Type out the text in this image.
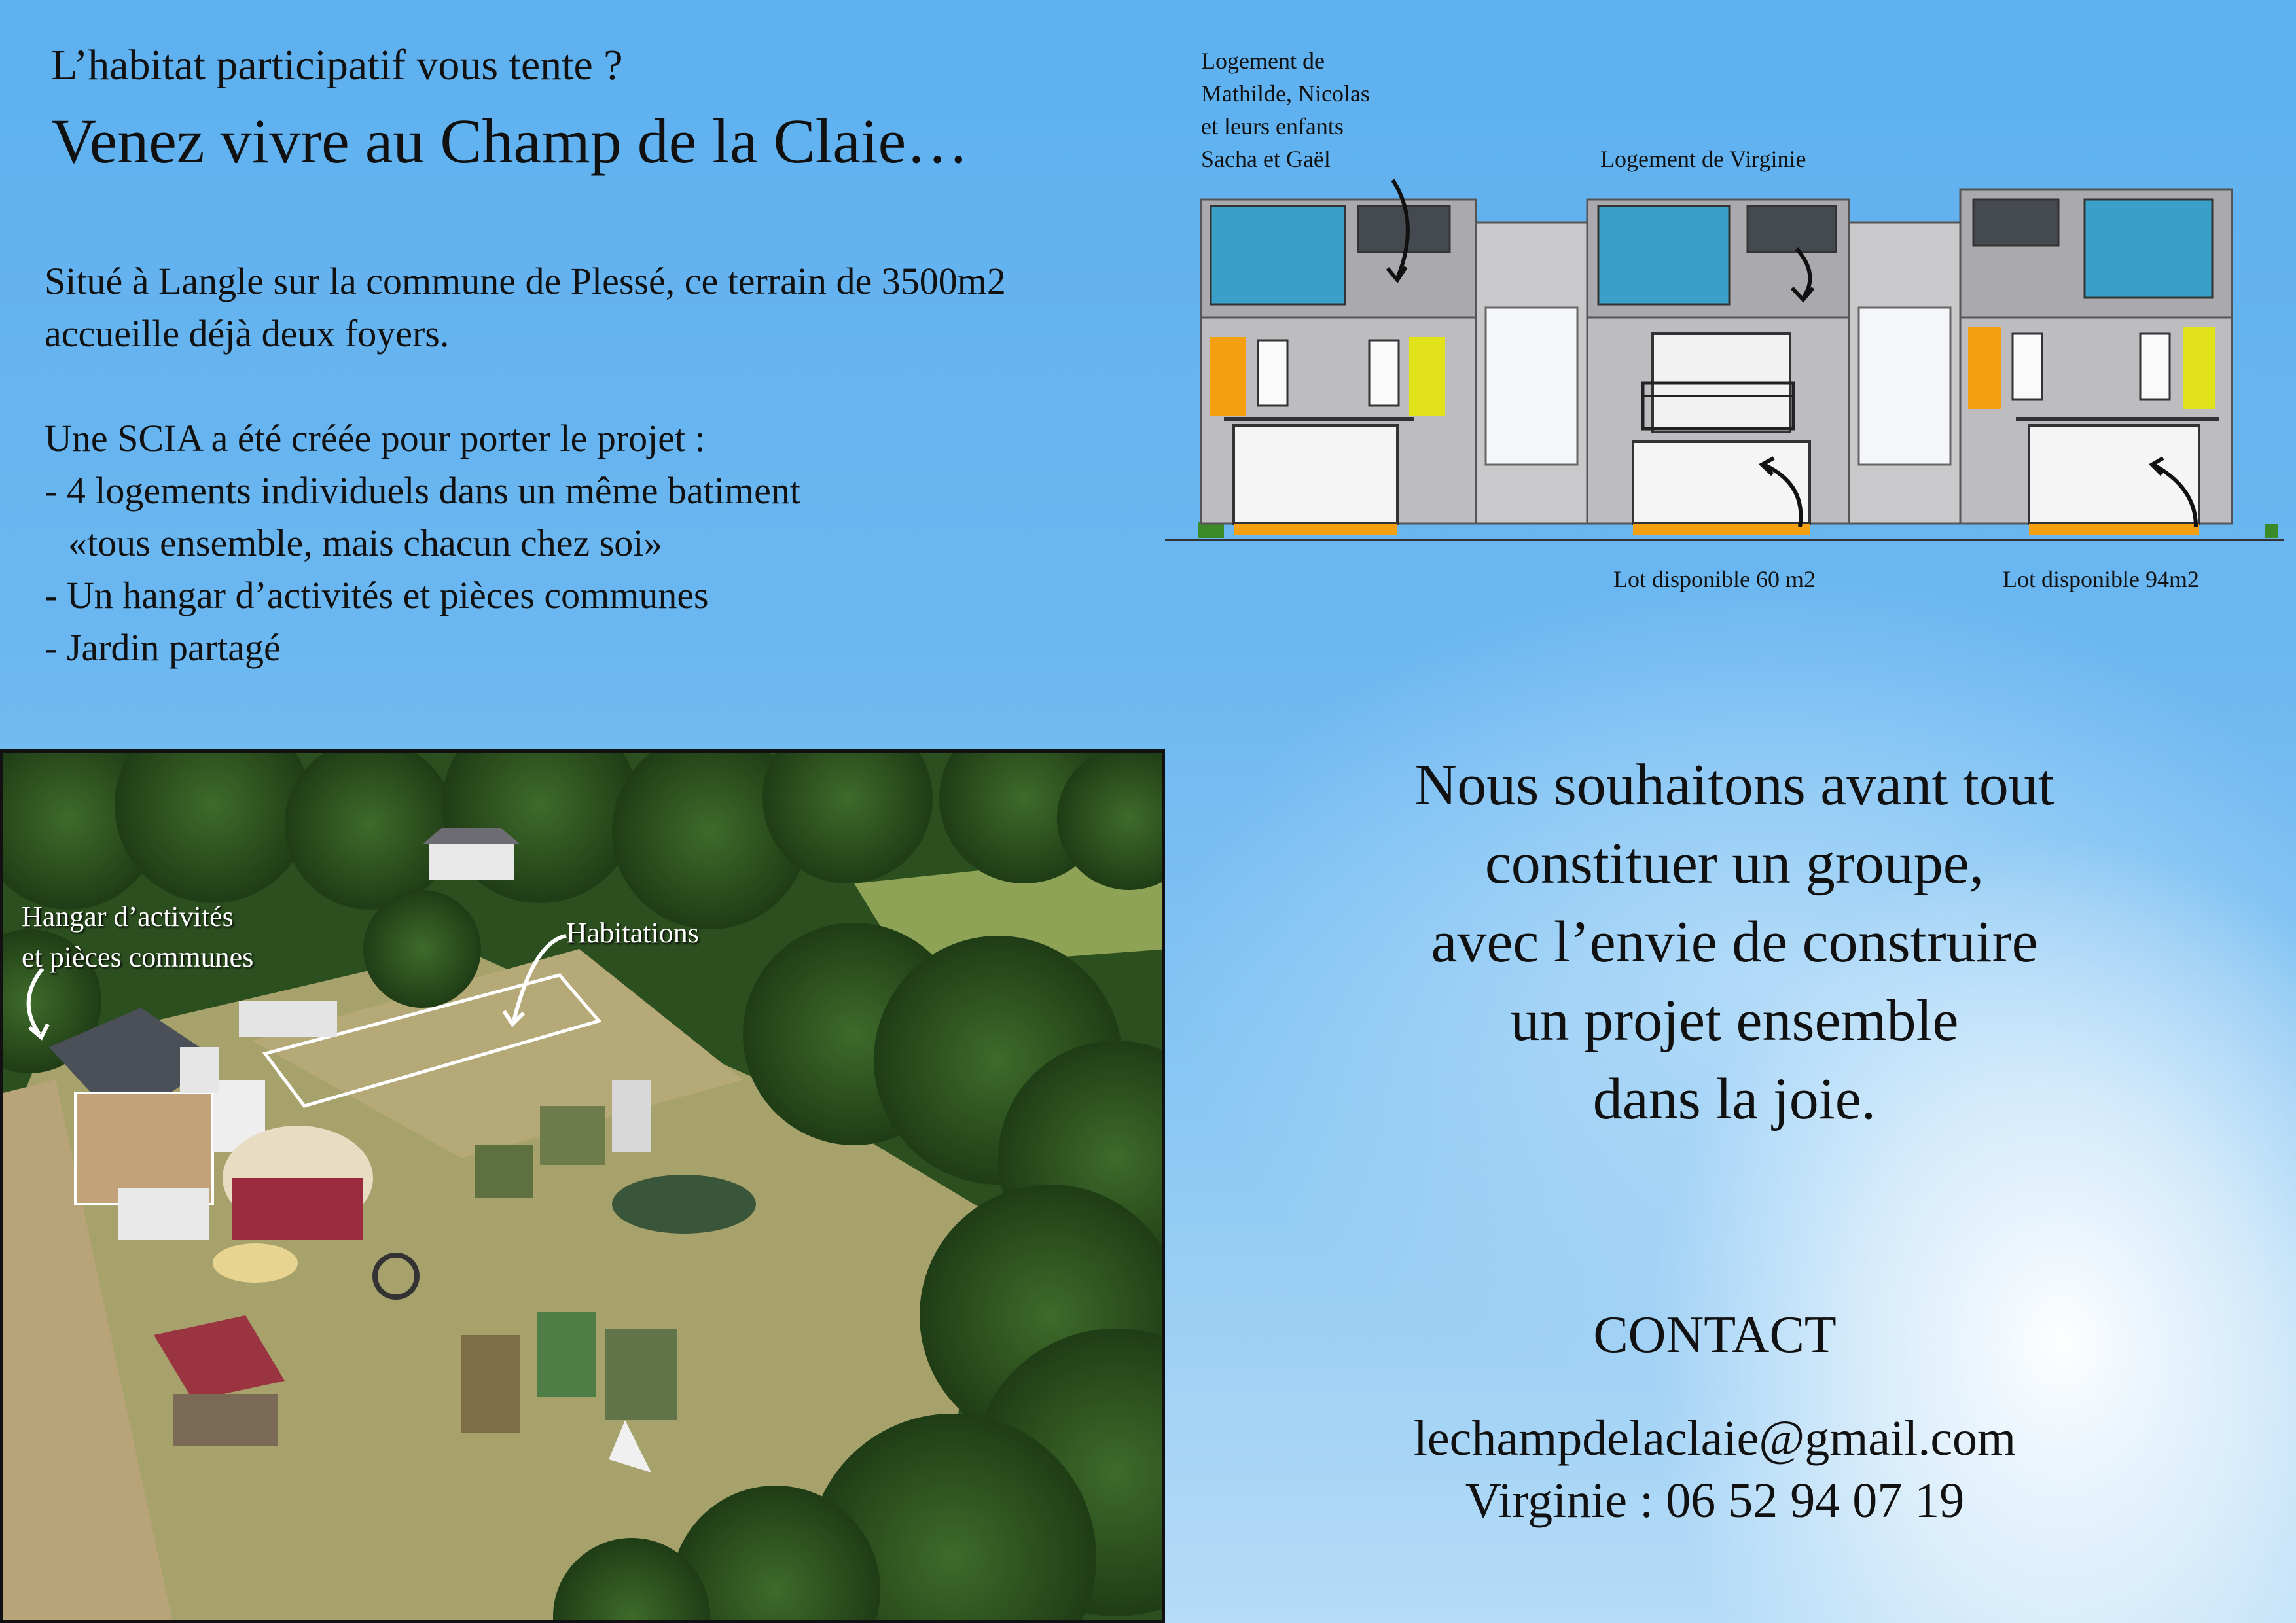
L’habitat participatif vous tente ?
Venez vivre au Champ de la Claie…
Situé à Langle sur la commune de Plessé, ce terrain de 3500m2
accueille déjà deux foyers.
Une SCIA a été créée pour porter le projet :
- 4 logements individuels dans un même batiment
«tous ensemble, mais chacun chez soi»
- Un hangar d’activités et pièces communes
- Jardin partagé
Logement de
Mathilde, Nicolas
et leurs enfants
Sacha et Gaël	Logement de Virginie
Lot disponible 60 m2	Lot disponible 94m2
Hangar d’activités
et pièces communes
Habitations
Nous souhaitons avant tout
constituer un groupe,
avec l’envie de construire
un projet ensemble
dans la joie.
CONTACT
lechampdelaclaie@gmail.com
Virginie : 06 52 94 07 19
